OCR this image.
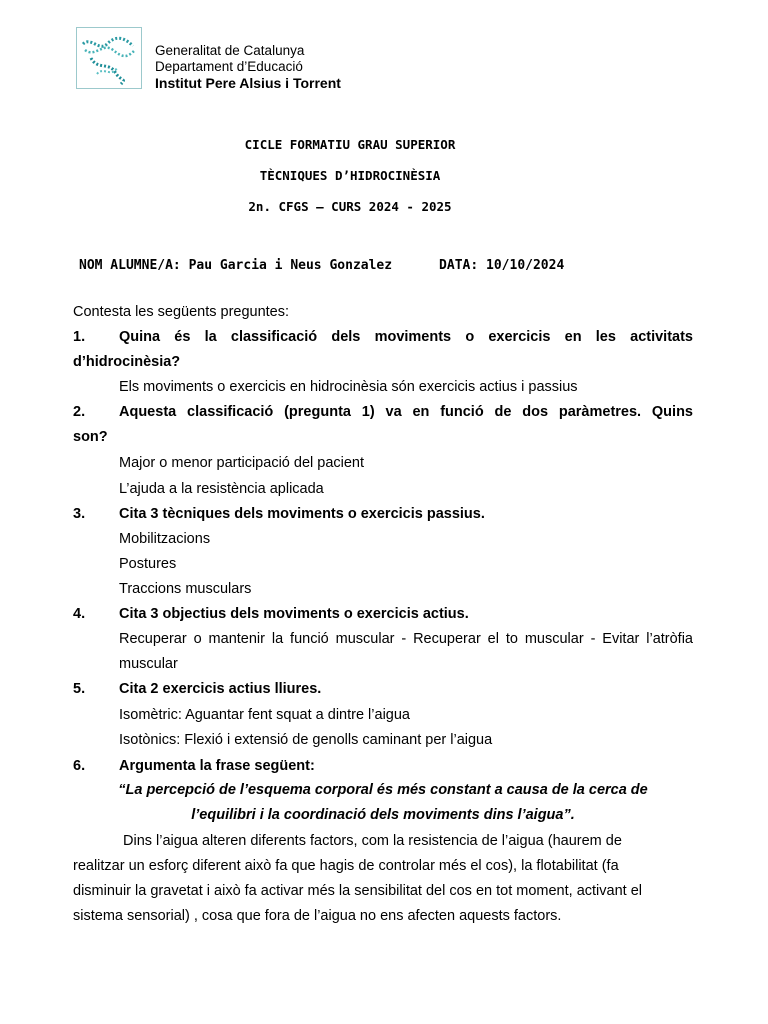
Generalitat de Catalunya
Departament d’Educació
Institut Pere Alsius i Torrent
CICLE FORMATIU GRAU SUPERIOR
TÈCNIQUES D’HIDROCINÈSIA
2n. CFGS – CURS 2024 - 2025
NOM ALUMNE/A: Pau Garcia i Neus Gonzalez	DATA: 10/10/2024
Contesta les següents preguntes:
1. Quina és la classificació dels moviments o exercicis en les activitats
d’hidrocinèsia?
Els moviments o exercicis en hidrocinèsia són exercicis actius i passius
2. Aquesta classificació (pregunta 1) va en funció de dos paràmetres. Quins
son?
Major o menor participació del pacient
L’ajuda a la resistència aplicada
3. Cita 3 tècniques dels moviments o exercicis passius.
Mobilitzacions
Postures
Traccions musculars
4. Cita 3 objectius dels moviments o exercicis actius.
Recuperar o mantenir la funció muscular - Recuperar el to muscular - Evitar l’atròfia
muscular
5. Cita 2 exercicis actius lliures.
Isomètric: Aguantar fent squat a dintre l’aigua
Isotònics: Flexió i extensió de genolls caminant per l’aigua
6. Argumenta la frase següent:
“La percepció de l’esquema corporal és més constant a causa de la cerca de
l’equilibri i la coordinació dels moviments dins l’aigua”.
Dins l’aigua alteren diferents factors, com la resistencia de l’aigua (haurem de
realitzar un esforç diferent això fa que hagis de controlar més el cos), la flotabilitat (fa
disminuir la gravetat i això fa activar més la sensibilitat del cos en tot moment, activant el
sistema sensorial) , cosa que fora de l’aigua no ens afecten aquests factors.
